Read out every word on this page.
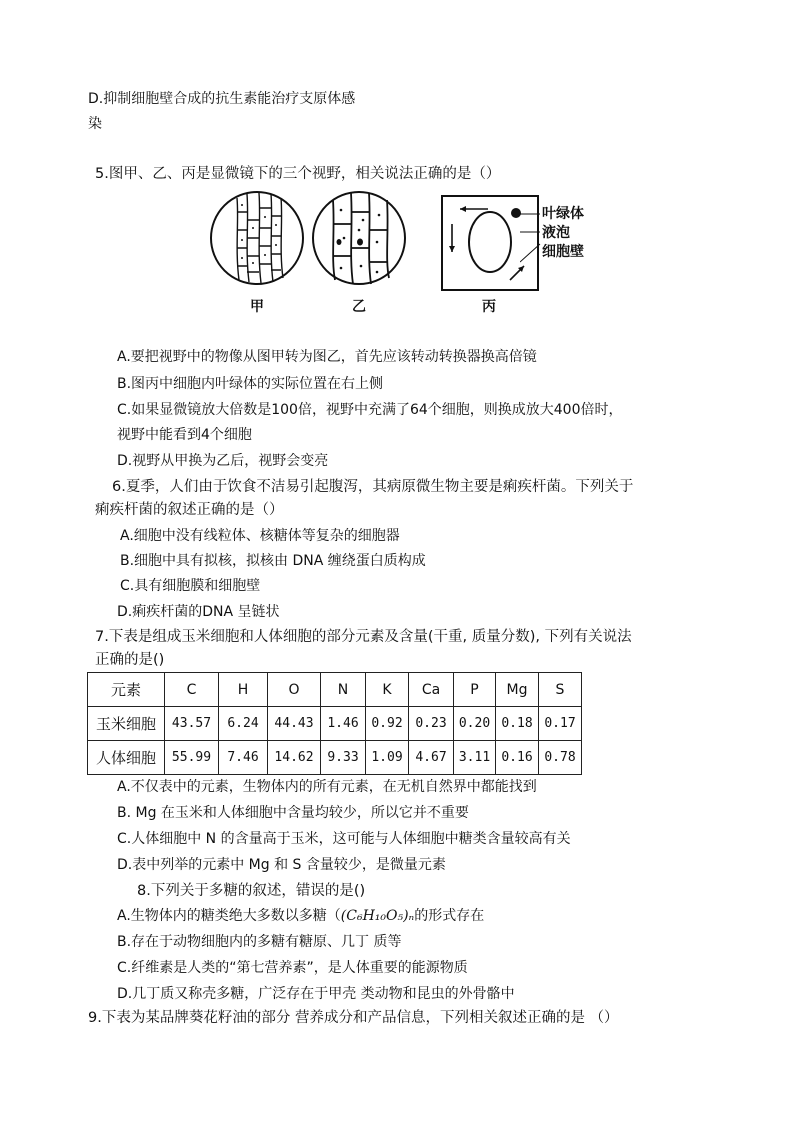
D.抑制细胞壁合成的抗生素能治疗支原体感
染
5.图甲、乙、丙是显微镜下的三个视野，相关说法正确的是（）
甲	乙
叶绿体
液泡
细胞壁
丙
A.要把视野中的物像从图甲转为图乙，首先应该转动转换器换高倍镜
B.图丙中细胞内叶绿体的实际位置在右上侧
C.如果显微镜放大倍数是100倍，视野中充满了64个细胞，则换成放大400倍时，
视野中能看到4个细胞
D.视野从甲换为乙后，视野会变亮
6.夏季，人们由于饮食不洁易引起腹泻，其病原微生物主要是痢疾杆菌。下列关于
痢疾杆菌的叙述正确的是（）
A.细胞中没有线粒体、核糖体等复杂的细胞器
B.细胞中具有拟核，拟核由 DNA 缠绕蛋白质构成
C.具有细胞膜和细胞壁
D.痢疾杆菌的DNA 呈链状
7.下表是组成玉米细胞和人体细胞的部分元素及含量(干重, 质量分数), 下列有关说法
正确的是()
元素	C	H	O	N	K	Ca	P	Mg	S
玉米细胞	43.57	6.24	44.43	1.46	0.92	0.23	0.20	0.18	0.17
人体细胞	55.99	7.46	14.62	9.33	1.09	4.67	3.11	0.16	0.78
A.不仅表中的元素，生物体内的所有元素，在无机自然界中都能找到
B. Mg 在玉米和人体细胞中含量均较少，所以它并不重要
C.人体细胞中 N 的含量高于玉米，这可能与人体细胞中糖类含量较高有关
D.表中列举的元素中 Mg 和 S 含量较少，是微量元素
8.下列关于多糖的叙述，错误的是()
A.生物体内的糖类绝大多数以多糖（(C₆H₁₀O₅)ₙ的形式存在
B.存在于动物细胞内的多糖有糖原、几丁 质等
C.纤维素是人类的“第七营养素”，是人体重要的能源物质
D.几丁质又称壳多糖，广泛存在于甲壳 类动物和昆虫的外骨骼中
9.下表为某品牌葵花籽油的部分 营养成分和产品信息，下列相关叙述正确的是 （）
